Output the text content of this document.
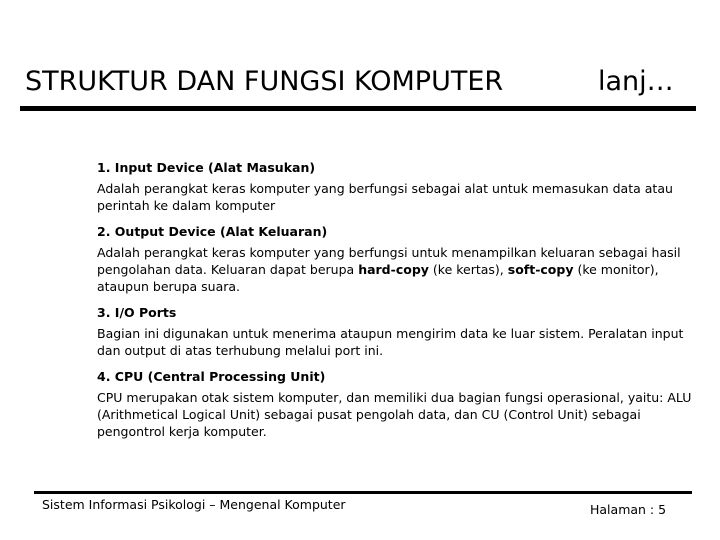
STRUKTUR DAN FUNGSI KOMPUTER	lanj…

1. Input Device (Alat Masukan)

Adalah perangkat keras komputer yang berfungsi sebagai alat untuk memasukan data atau perintah ke dalam komputer

2. Output Device (Alat Keluaran)

Adalah perangkat keras komputer yang berfungsi untuk menampilkan keluaran sebagai hasil pengolahan data. Keluaran dapat berupa hard-copy (ke kertas), soft-copy (ke monitor), ataupun berupa suara.

3. I/O Ports

Bagian ini digunakan untuk menerima ataupun mengirim data ke luar sistem. Peralatan input dan output di atas terhubung melalui port ini.

4. CPU (Central Processing Unit)

CPU merupakan otak sistem komputer, dan memiliki dua bagian fungsi operasional, yaitu: ALU (Arithmetical Logical Unit) sebagai pusat pengolah data, dan CU (Control Unit) sebagai pengontrol kerja komputer.

Sistem Informasi Psikologi – Mengenal Komputer	Halaman : 5
